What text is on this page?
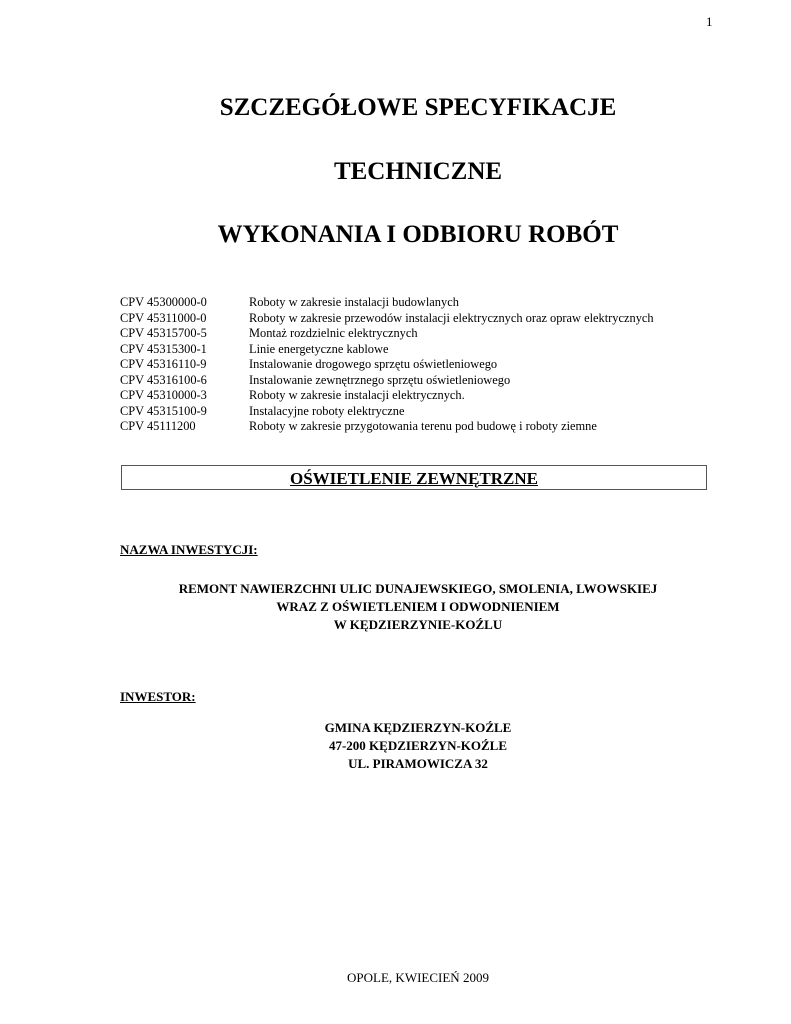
1
SZCZEGÓŁOWE SPECYFIKACJE
TECHNICZNE
WYKONANIA I ODBIORU ROBÓT
CPV 45300000-0	Roboty w zakresie instalacji budowlanych
CPV 45311000-0	Roboty w zakresie przewodów instalacji elektrycznych oraz opraw elektrycznych
CPV 45315700-5	Montaż rozdzielnic elektrycznych
CPV 45315300-1	Linie energetyczne kablowe
CPV 45316110-9	Instalowanie drogowego sprzętu oświetleniowego
CPV 45316100-6	Instalowanie zewnętrznego sprzętu oświetleniowego
CPV 45310000-3	Roboty w zakresie instalacji elektrycznych.
CPV 45315100-9	Instalacyjne roboty elektryczne
CPV 45111200	Roboty w zakresie przygotowania terenu pod budowę i roboty ziemne
OŚWIETLENIE ZEWNĘTRZNE
NAZWA INWESTYCJI:
REMONT NAWIERZCHNI ULIC DUNAJEWSKIEGO, SMOLENIA, LWOWSKIEJ
WRAZ Z OŚWIETLENIEM I ODWODNIENIEM
W KĘDZIERZYNIE-KOŹLU
INWESTOR:
GMINA KĘDZIERZYN-KOŹLE
47-200 KĘDZIERZYN-KOŹLE
UL. PIRAMOWICZA 32
OPOLE, KWIECIEŃ 2009
